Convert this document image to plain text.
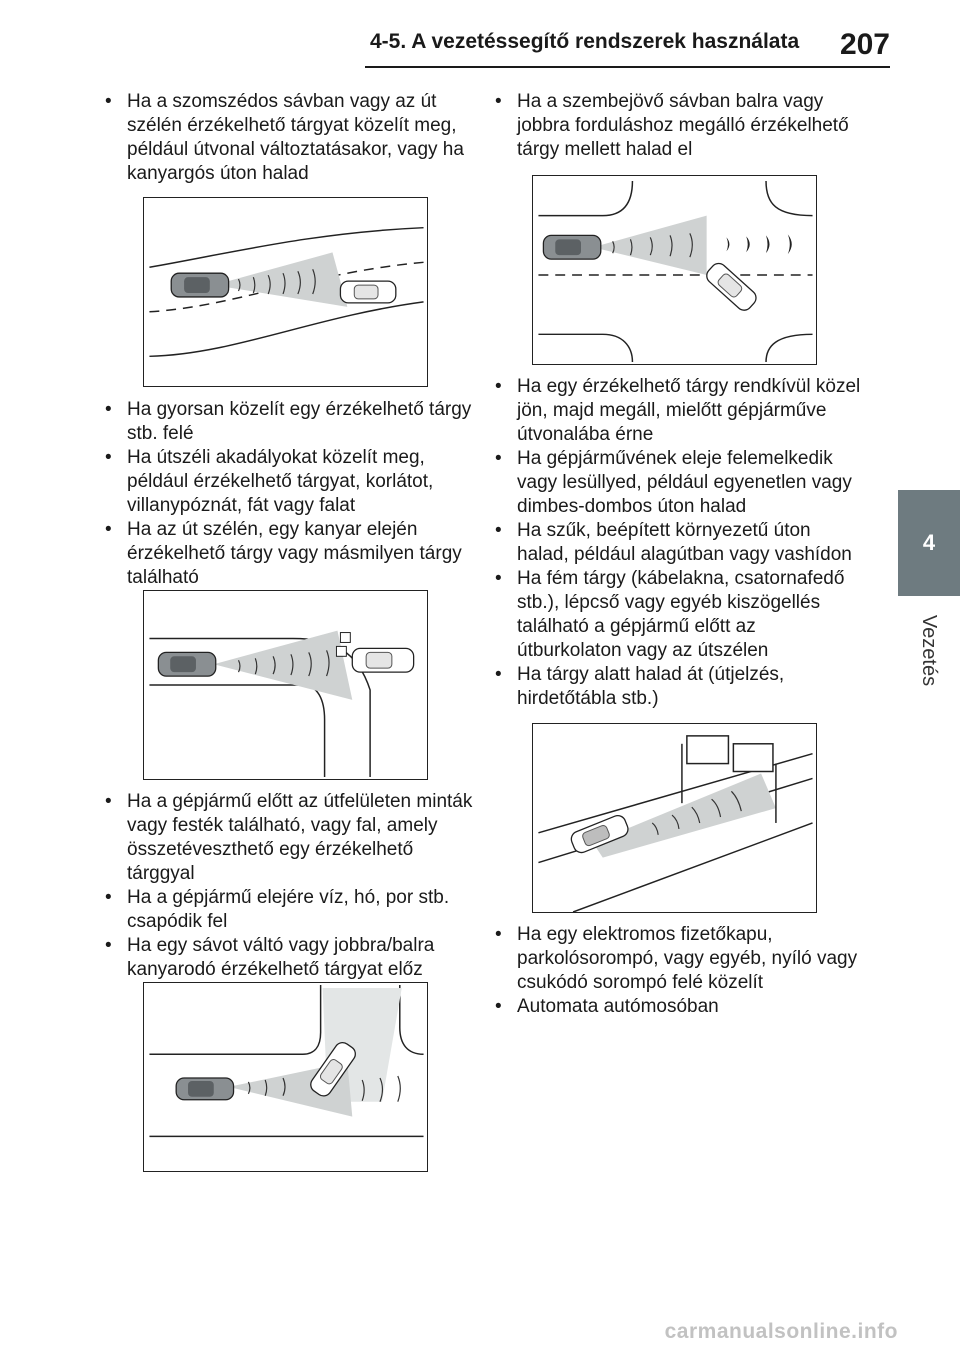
4-5. A vezetéssegítő rendszerek használata 207
4
Vezetés
• Ha a szomszédos sávban vagy az út szélén érzékelhető tárgyat közelít meg, például útvonal változtatásakor, vagy ha kanyargós úton halad
• Ha gyorsan közelít egy érzékelhető tárgy stb. felé
• Ha útszéli akadályokat közelít meg, például érzékelhető tárgyat, korlátot, villanypóznát, fát vagy falat
• Ha az út szélén, egy kanyar elején érzékelhető tárgy vagy másmilyen tárgy található
• Ha a gépjármű előtt az útfelületen minták vagy festék található, vagy fal, amely összetéveszthető egy érzékelhető tárggyal
• Ha a gépjármű elejére víz, hó, por stb. csapódik fel
• Ha egy sávot váltó vagy jobbra/balra kanyarodó érzékelhető tárgyat előz
• Ha a szembejövő sávban balra vagy jobbra forduláshoz megálló érzékelhető tárgy mellett halad el
• Ha egy érzékelhető tárgy rendkívül közel jön, majd megáll, mielőtt gépjárműve útvonalába érne
• Ha gépjárművének eleje felemelkedik vagy lesüllyed, például egyenetlen vagy dimbes-dombos úton halad
• Ha szűk, beépített környezetű úton halad, például alagútban vagy vashídon
• Ha fém tárgy (kábelakna, csatornafedő stb.), lépcső vagy egyéb kiszögellés található a gépjármű előtt az útburkolaton vagy az útszélen
• Ha tárgy alatt halad át (útjelzés, hirdetőtábla stb.)
• Ha egy elektromos fizetőkapu, parkolósorompó, vagy egyéb, nyíló vagy csukódó sorompó felé közelít
• Automata autómosóban
carmanualsonline.info
